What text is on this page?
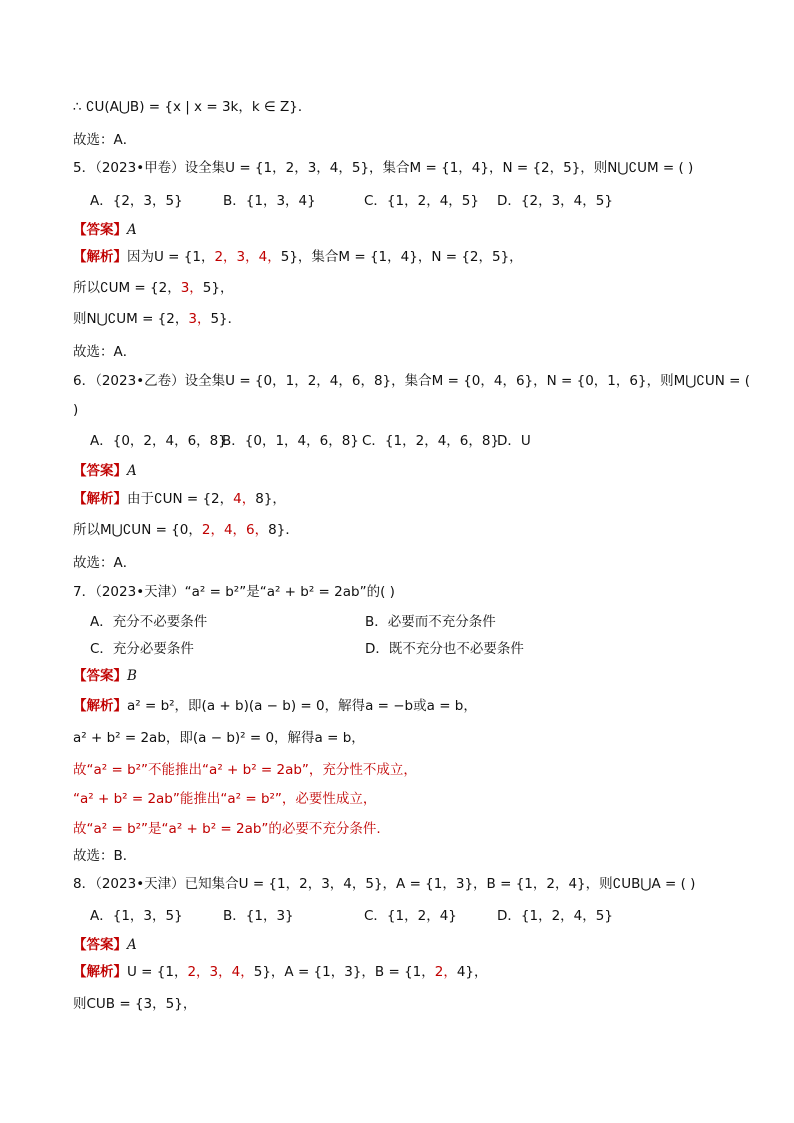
∴ ∁U(A⋃B) = {x | x = 3k，k ∈ Z}．
故选：A．
5．（2023•甲卷）设全集U = {1，2，3，4，5}，集合M = {1，4}，N = {2，5}，则N⋃∁UM = ( )
A．{2，3，5}	B．{1，3，4}	C．{1，2，4，5} D．{2，3，4，5}
【答案】A
【解析】因为U = {1，2，3，4，5}，集合M = {1，4}，N = {2，5}，
所以∁UM = {2，3，5}，
则N⋃∁UM = {2，3，5}．
故选：A．
6．（2023•乙卷）设全集U = {0，1，2，4，6，8}，集合M = {0，4，6}，N = {0，1，6}，则M⋃∁UN = (
)
A．{0，2，4，6，8}
B．{0，1，4，6，8} C．{1，2，4，6，8}
D．U
【答案】A
【解析】由于∁UN = {2，4，8}，
所以M⋃∁UN = {0，2，4，6，8}．
故选：A．
7．（2023•天津）“a² = b²”是“a² + b² = 2ab”的( )
A．充分不必要条件	B．必要而不充分条件
C．充分必要条件	D．既不充分也不必要条件
【答案】B
【解析】a² = b²，即(a + b)(a − b) = 0，解得a = −b或a = b，
a² + b² = 2ab，即(a − b)² = 0，解得a = b，
故“a² = b²”不能推出“a² + b² = 2ab”，充分性不成立，
“a² + b² = 2ab”能推出“a² = b²”，必要性成立，
故“a² = b²”是“a² + b² = 2ab”的必要不充分条件.
故选：B．
8．（2023•天津）已知集合U = {1，2，3，4，5}，A = {1，3}，B = {1，2，4}，则∁UB⋃A = ( )
A．{1，3，5}	B．{1，3}	C．{1，2，4}	D．{1，2，4，5}
【答案】A
【解析】U = {1，2，3，4，5}，A = {1，3}，B = {1，2，4}，
则CUB = {3，5}，
